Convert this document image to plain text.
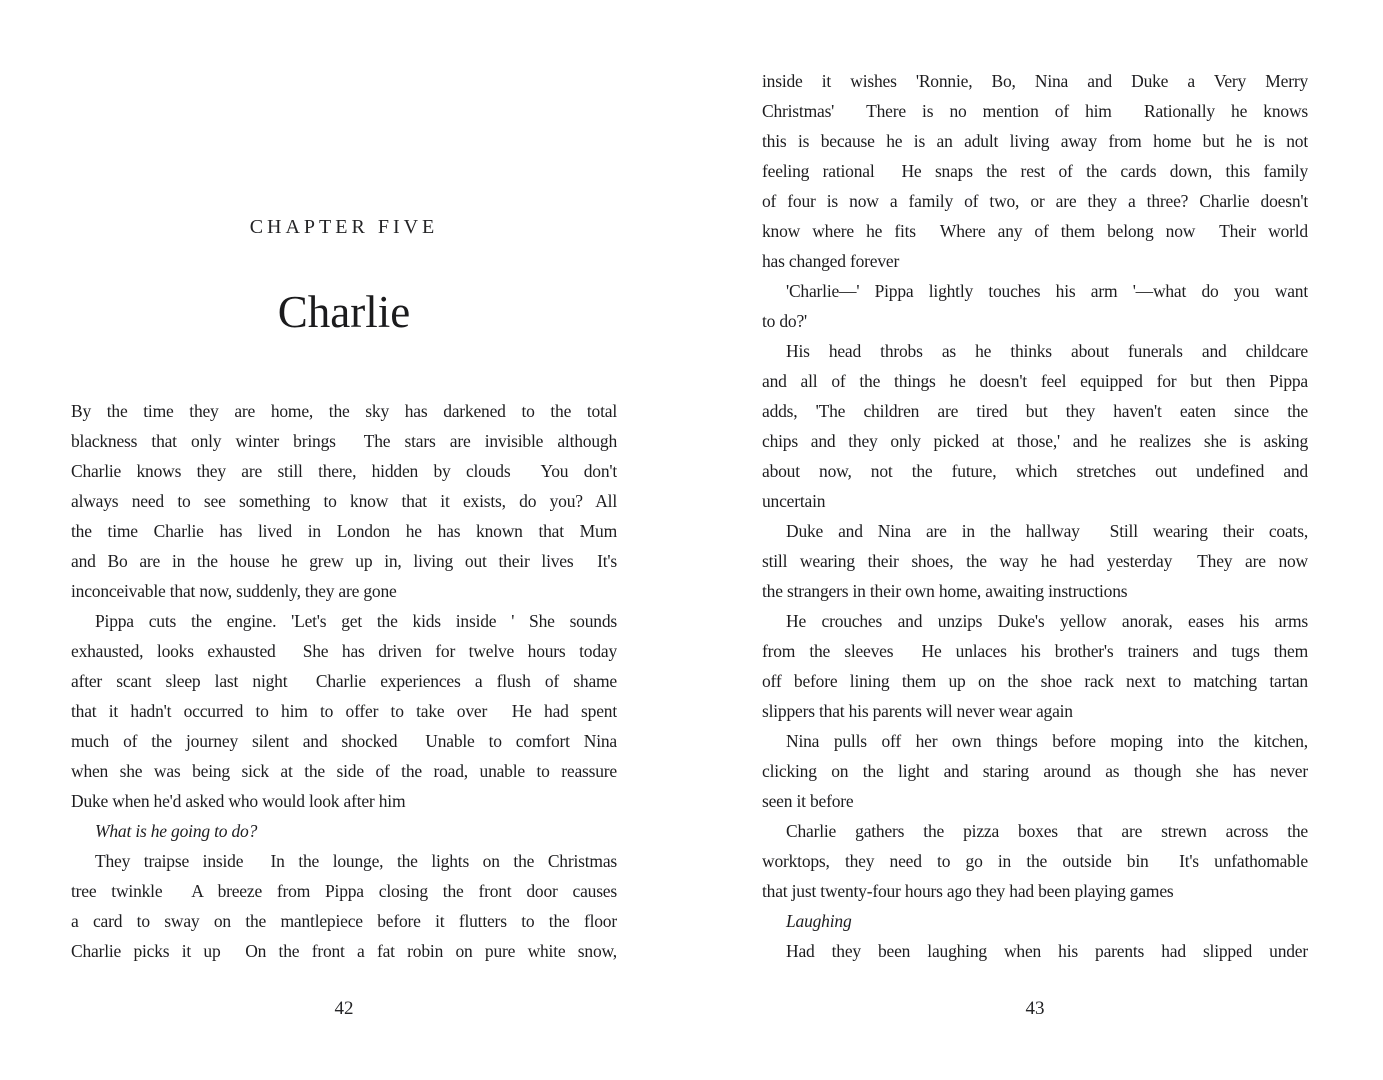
CHAPTER FIVE
Charlie
By the time they are home, the sky has darkened to the total
blackness that only winter brings  The stars are invisible although
Charlie knows they are still there, hidden by clouds  You don't
always need to see something to know that it exists, do you? All
the time Charlie has lived in London he has known that Mum
and Bo are in the house he grew up in, living out their lives  It's
inconceivable that now, suddenly, they are gone
Pippa cuts the engine. 'Let's get the kids inside ' She sounds
exhausted, looks exhausted  She has driven for twelve hours today
after scant sleep last night  Charlie experiences a flush of shame
that it hadn't occurred to him to offer to take over  He had spent
much of the journey silent and shocked  Unable to comfort Nina
when she was being sick at the side of the road, unable to reassure
Duke when he'd asked who would look after him
What is he going to do?
They traipse inside  In the lounge, the lights on the Christmas
tree twinkle  A breeze from Pippa closing the front door causes
a card to sway on the mantlepiece before it flutters to the floor
Charlie picks it up  On the front a fat robin on pure white snow,
42
inside it wishes 'Ronnie, Bo, Nina and Duke a Very Merry
Christmas'  There is no mention of him  Rationally he knows
this is because he is an adult living away from home but he is not
feeling rational  He snaps the rest of the cards down, this family
of four is now a family of two, or are they a three? Charlie doesn't
know where he fits  Where any of them belong now  Their world
has changed forever
'Charlie—' Pippa lightly touches his arm '—what do you want
to do?'
His head throbs as he thinks about funerals and childcare
and all of the things he doesn't feel equipped for but then Pippa
adds, 'The children are tired but they haven't eaten since the
chips and they only picked at those,' and he realizes she is asking
about now, not the future, which stretches out undefined and
uncertain
Duke and Nina are in the hallway  Still wearing their coats,
still wearing their shoes, the way he had yesterday  They are now
the strangers in their own home, awaiting instructions
He crouches and unzips Duke's yellow anorak, eases his arms
from the sleeves  He unlaces his brother's trainers and tugs them
off before lining them up on the shoe rack next to matching tartan
slippers that his parents will never wear again
Nina pulls off her own things before moping into the kitchen,
clicking on the light and staring around as though she has never
seen it before
Charlie gathers the pizza boxes that are strewn across the
worktops, they need to go in the outside bin  It's unfathomable
that just twenty-four hours ago they had been playing games
Laughing
Had they been laughing when his parents had slipped under
43
